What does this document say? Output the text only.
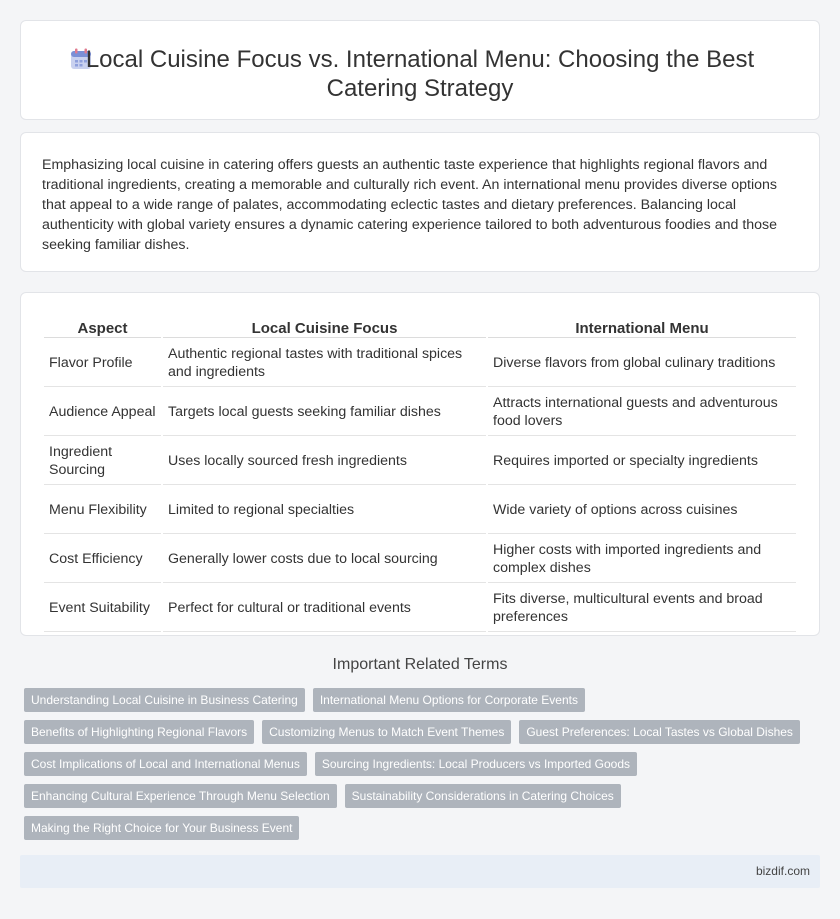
Local Cuisine Focus vs. International Menu: Choosing the Best Catering Strategy

Emphasizing local cuisine in catering offers guests an authentic taste experience that highlights regional flavors and traditional ingredients, creating a memorable and culturally rich event. An international menu provides diverse options that appeal to a wide range of palates, accommodating eclectic tastes and dietary preferences. Balancing local authenticity with global variety ensures a dynamic catering experience tailored to both adventurous foodies and those seeking familiar dishes.

Aspect	Local Cuisine Focus	International Menu
Flavor Profile	Authentic regional tastes with traditional spices and ingredients	Diverse flavors from global culinary traditions
Audience Appeal	Targets local guests seeking familiar dishes	Attracts international guests and adventurous food lovers
Ingredient Sourcing	Uses locally sourced fresh ingredients	Requires imported or specialty ingredients
Menu Flexibility	Limited to regional specialties	Wide variety of options across cuisines
Cost Efficiency	Generally lower costs due to local sourcing	Higher costs with imported ingredients and complex dishes
Event Suitability	Perfect for cultural or traditional events	Fits diverse, multicultural events and broad preferences
Important Related Terms
Understanding Local Cuisine in Business Catering	International Menu Options for Corporate Events
Benefits of Highlighting Regional Flavors	Customizing Menus to Match Event Themes	Guest Preferences: Local Tastes vs Global Dishes
Cost Implications of Local and International Menus	Sourcing Ingredients: Local Producers vs Imported Goods
Enhancing Cultural Experience Through Menu Selection	Sustainability Considerations in Catering Choices
Making the Right Choice for Your Business Event
bizdif.com
